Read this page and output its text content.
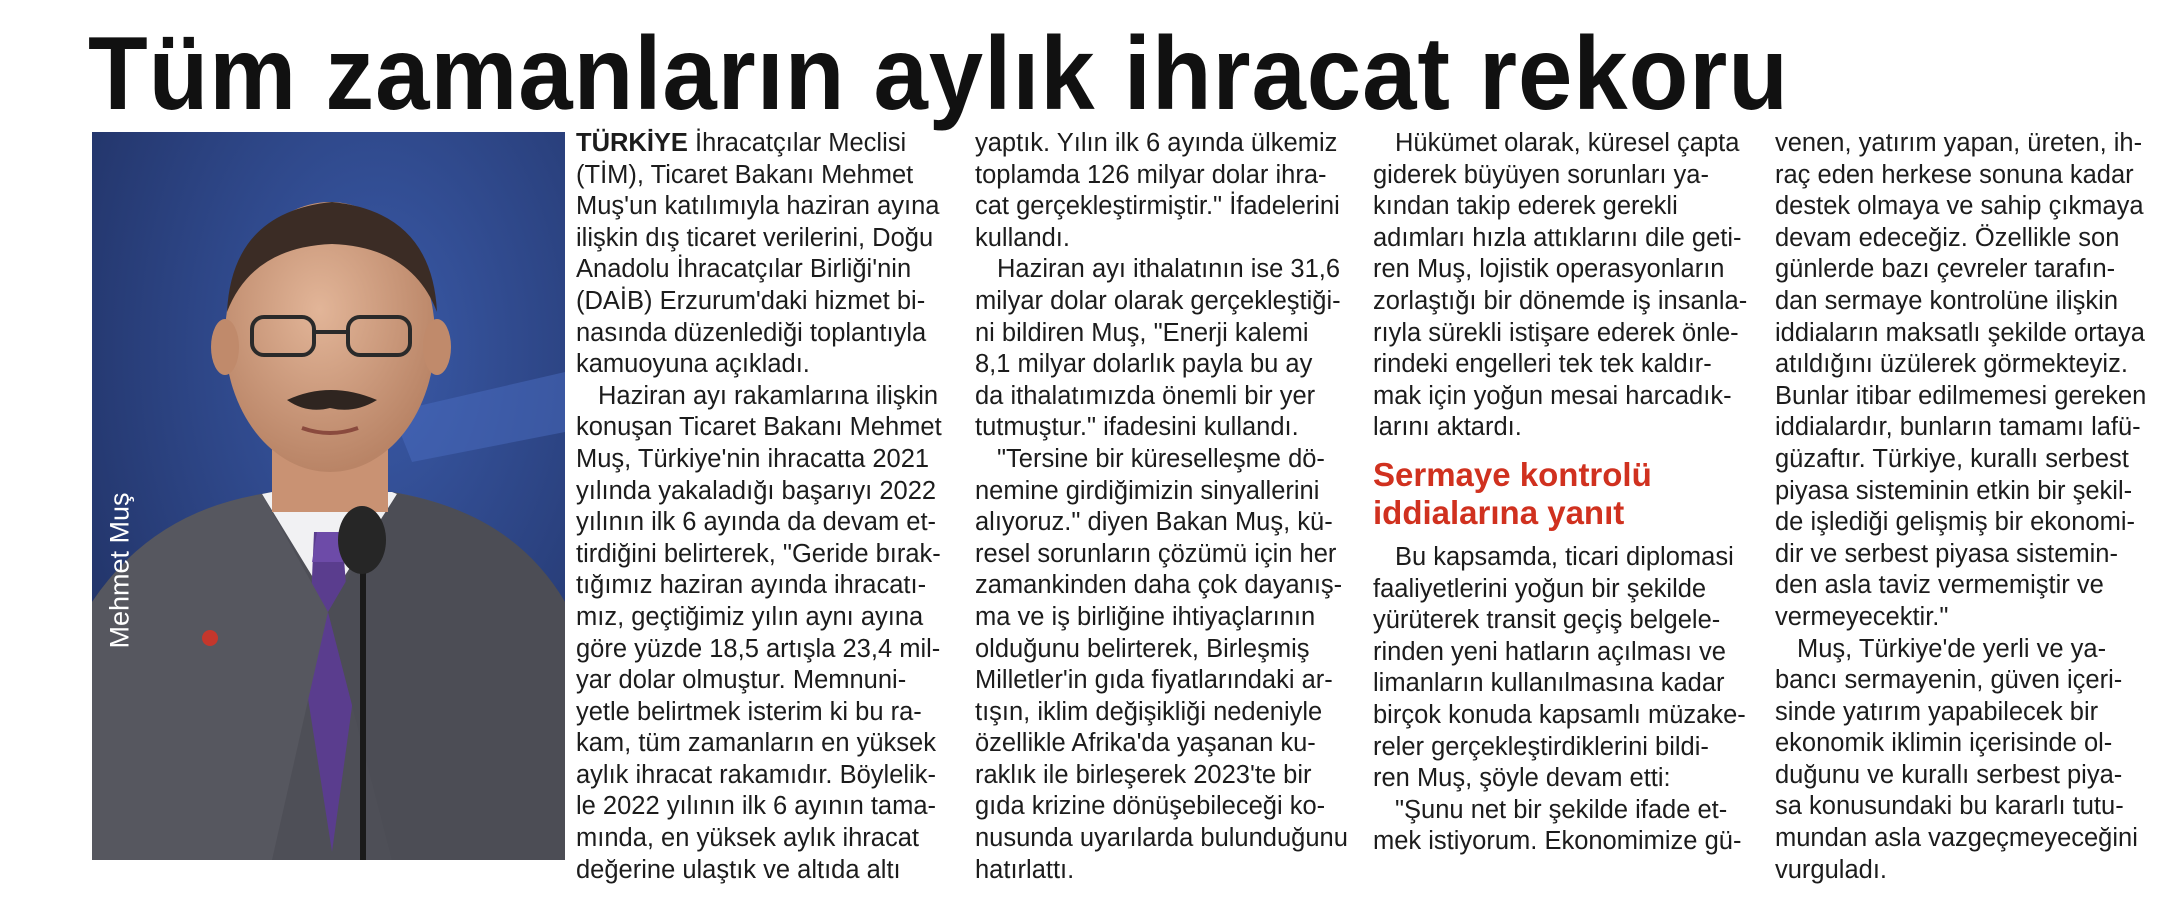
Tüm zamanların aylık ihracat rekoru
Mehmet Muş

TÜRKİYE İhracatçılar Meclisi
(TİM), Ticaret Bakanı Mehmet
Muş'un katılımıyla haziran ayına
ilişkin dış ticaret verilerini, Doğu
Anadolu İhracatçılar Birliği'nin
(DAİB) Erzurum'daki hizmet bi-
nasında düzenlediği toplantıyla
kamuoyuna açıkladı.

Haziran ayı rakamlarına ilişkin
konuşan Ticaret Bakanı Mehmet
Muş, Türkiye'nin ihracatta 2021
yılında yakaladığı başarıyı 2022
yılının ilk 6 ayında da devam et-
tirdiğini belirterek, "Geride bırak-
tığımız haziran ayında ihracatı-
mız, geçtiğimiz yılın aynı ayına
göre yüzde 18,5 artışla 23,4 mil-
yar dolar olmuştur. Memnuni-
yetle belirtmek isterim ki bu ra-
kam, tüm zamanların en yüksek
aylık ihracat rakamıdır. Böylelik-
le 2022 yılının ilk 6 ayının tama-
mında, en yüksek aylık ihracat
değerine ulaştık ve altıda altı

yaptık. Yılın ilk 6 ayında ülkemiz
toplamda 126 milyar dolar ihra-
cat gerçekleştirmiştir." İfadelerini
kullandı.

Haziran ayı ithalatının ise 31,6
milyar dolar olarak gerçekleştiği-
ni bildiren Muş, "Enerji kalemi
8,1 milyar dolarlık payla bu ay
da ithalatımızda önemli bir yer
tutmuştur." ifadesini kullandı.

"Tersine bir küreselleşme dö-
nemine girdiğimizin sinyallerini
alıyoruz." diyen Bakan Muş, kü-
resel sorunların çözümü için her
zamankinden daha çok dayanış-
ma ve iş birliğine ihtiyaçlarının
olduğunu belirterek, Birleşmiş
Milletler'in gıda fiyatlarındaki ar-
tışın, iklim değişikliği nedeniyle
özellikle Afrika'da yaşanan ku-
raklık ile birleşerek 2023'te bir
gıda krizine dönüşebileceği ko-
nusunda uyarılarda bulunduğunu
hatırlattı.

Hükümet olarak, küresel çapta
giderek büyüyen sorunları ya-
kından takip ederek gerekli
adımları hızla attıklarını dile geti-
ren Muş, lojistik operasyonların
zorlaştığı bir dönemde iş insanla-
rıyla sürekli istişare ederek önle-
rindeki engelleri tek tek kaldır-
mak için yoğun mesai harcadık-
larını aktardı.

Sermaye kontrolü
iddialarına yanıt

Bu kapsamda, ticari diplomasi
faaliyetlerini yoğun bir şekilde
yürüterek transit geçiş belgele-
rinden yeni hatların açılması ve
limanların kullanılmasına kadar
birçok konuda kapsamlı müzake-
reler gerçekleştirdiklerini bildi-
ren Muş, şöyle devam etti:

"Şunu net bir şekilde ifade et-
mek istiyorum. Ekonomimize gü-

venen, yatırım yapan, üreten, ih-
raç eden herkese sonuna kadar
destek olmaya ve sahip çıkmaya
devam edeceğiz. Özellikle son
günlerde bazı çevreler tarafın-
dan sermaye kontrolüne ilişkin
iddiaların maksatlı şekilde ortaya
atıldığını üzülerek görmekteyiz.
Bunlar itibar edilmemesi gereken
iddialardır, bunların tamamı lafü-
güzaftır. Türkiye, kurallı serbest
piyasa sisteminin etkin bir şekil-
de işlediği gelişmiş bir ekonomi-
dir ve serbest piyasa sistemin-
den asla taviz vermemiştir ve
vermeyecektir."

Muş, Türkiye'de yerli ve ya-
bancı sermayenin, güven içeri-
sinde yatırım yapabilecek bir
ekonomik iklimin içerisinde ol-
duğunu ve kurallı serbest piya-
sa konusundaki bu kararlı tutu-
mundan asla vazgeçmeyeceğini
vurguladı.
